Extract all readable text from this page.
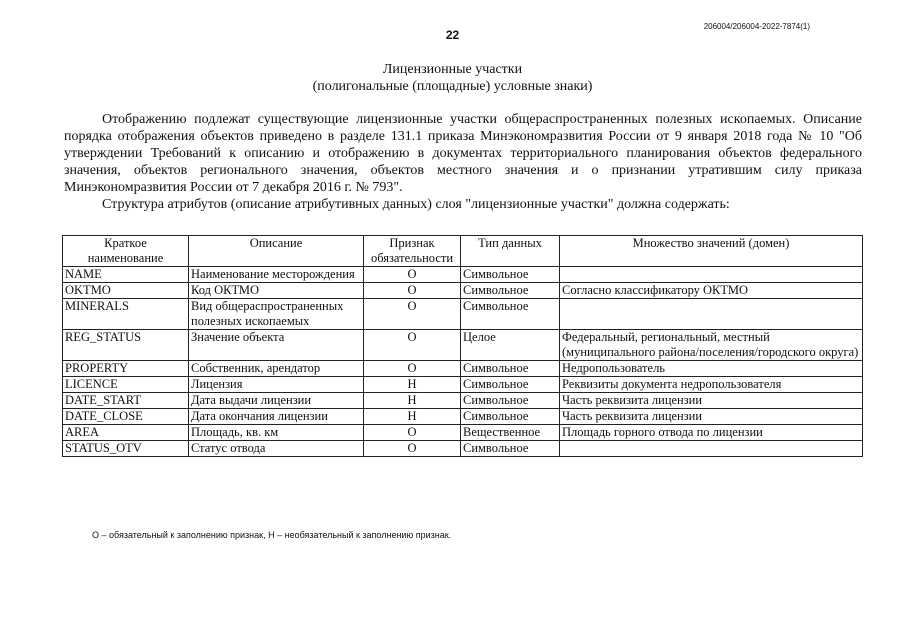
22
206004/206004-2022-7874(1)
Лицензионные участки
(полигональные (площадные) условные знаки)

Отображению подлежат существующие лицензионные участки общераспространенных полезных ископаемых. Описание порядка отображения объектов приведено в разделе 131.1 приказа Минэкономразвития России от 9 января 2018 года № 10 "Об утверждении Требований к описанию и отображению в документах территориального планирования объектов федерального значения, объектов регионального значения, объектов местного значения и о признании утратившим силу приказа Минэкономразвития России от 7 декабря 2016 г. № 793".

Структура атрибутов (описание атрибутивных данных) слоя "лицензионные участки" должна содержать:

Краткое наименование	Описание	Признак обязательности	Тип данных	Множество значений (домен)
NAME	Наименование месторождения	О	Символьное	
OKTMO	Код ОКТМО	О	Символьное	Согласно классификатору ОКТМО
MINERALS	Вид общераспространенных полезных ископаемых	О	Символьное	
REG_STATUS	Значение объекта	О	Целое	Федеральный, региональный, местный (муниципального района/поселения/городского округа)
PROPERTY	Собственник, арендатор	О	Символьное	Недропользователь
LICENCE	Лицензия	Н	Символьное	Реквизиты документа недропользователя
DATE_START	Дата выдачи лицензии	Н	Символьное	Часть реквизита лицензии
DATE_CLOSE	Дата окончания лицензии	Н	Символьное	Часть реквизита лицензии
AREA	Площадь, кв. км	О	Вещественное	Площадь горного отвода по лицензии
STATUS_OTV	Статус отвода	О	Символьное	
О – обязательный к заполнению признак, Н – необязательный к заполнению признак.
